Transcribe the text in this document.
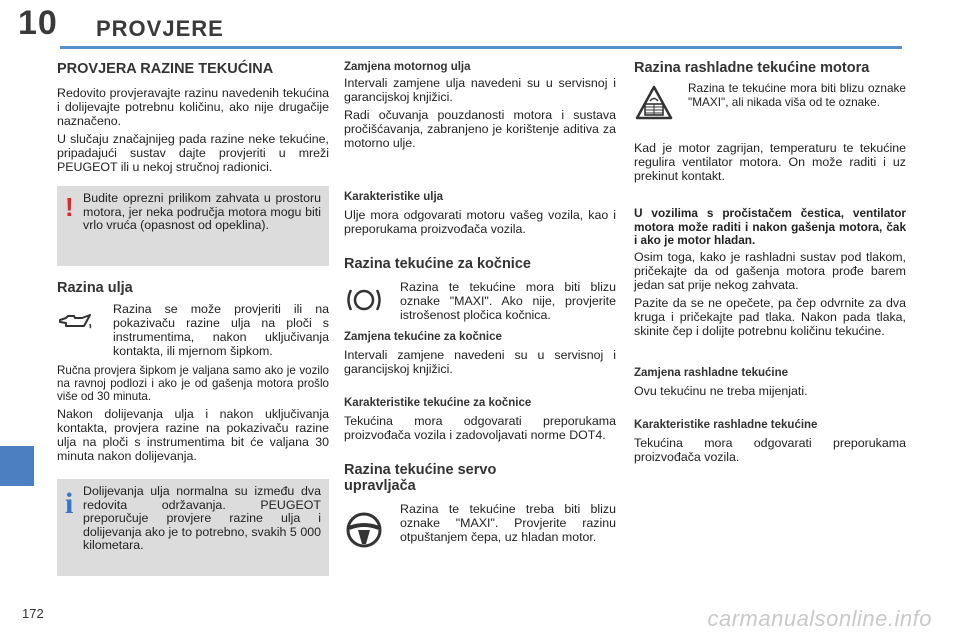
10 PROVJERE
172	carmanualsonline.info
PROVJERA RAZINE TEKUĆINA

Redovito provjeravajte razinu navedenih tekućina i dolijevajte potrebnu količinu, ako nije drugačije naznačeno.

U slučaju značajnijeg pada razine neke tekućine, pripadajući sustav dajte provjeriti u mreži PEUGEOT ili u nekoj stručnoj radionici.

! Budite oprezni prilikom zahvata u prostoru motora, jer neka područja motora mogu biti vrlo vruća (opasnost od opeklina).
Razina ulja
Razina se može provjeriti ili na pokazivaču razine ulja na ploči s instrumentima, nakon uključivanja kontakta, ili mjernom šipkom.

Ručna provjera šipkom je valjana samo ako je vozilo na ravnoj podlozi i ako je od gašenja motora prošlo više od 30 minuta.

Nakon dolijevanja ulja i nakon uključivanja kontakta, provjera razine na pokazivaču razine ulja na ploči s instrumentima bit će valjana 30 minuta nakon dolijevanja.

i Dolijevanja ulja normalna su između dva redovita održavanja. PEUGEOT preporučuje provjere razine ulja i dolijevanja ako je to potrebno, svakih 5 000 kilometara.
Zamjena motornog ulja

Intervali zamjene ulja navedeni su u servisnoj i garancijskoj knjižici.

Radi očuvanja pouzdanosti motora i sustava pročišćavanja, zabranjeno je korištenje aditiva za motorno ulje.

Karakteristike ulja

Ulje mora odgovarati motoru vašeg vozila, kao i preporukama proizvođača vozila.

Razina tekućine za kočnice
Razina te tekućine mora biti blizu oznake "MAXI". Ako nije, provjerite istrošenost pločica kočnica.
Zamjena tekućine za kočnice

Intervali zamjene navedeni su u servisnoj i garancijskoj knjižici.

Karakteristike tekućine za kočnice

Tekućina mora odgovarati preporukama proizvođača vozila i zadovoljavati norme DOT4.

Razina tekućine servo upravljača
Razina te tekućine treba biti blizu oznake "MAXI". Provjerite razinu otpuštanjem čepa, uz hladan motor.
Razina rashladne tekućine motora
Razina te tekućine mora biti blizu oznake "MAXI", ali nikada viša od te oznake.

Kad je motor zagrijan, temperaturu te tekućine regulira ventilator motora. On može raditi i uz prekinut kontakt.

U vozilima s pročistačem čestica, ventilator motora može raditi i nakon gašenja motora, čak i ako je motor hladan.

Osim toga, kako je rashladni sustav pod tlakom, pričekajte da od gašenja motora prođe barem jedan sat prije nekog zahvata.

Pazite da se ne opečete, pa čep odvrnite za dva kruga i pričekajte pad tlaka. Nakon pada tlaka, skinite čep i dolijte potrebnu količinu tekućine.

Zamjena rashladne tekućine

Ovu tekućinu ne treba mijenjati.

Karakteristike rashladne tekućine

Tekućina mora odgovarati preporukama proizvođača vozila.
